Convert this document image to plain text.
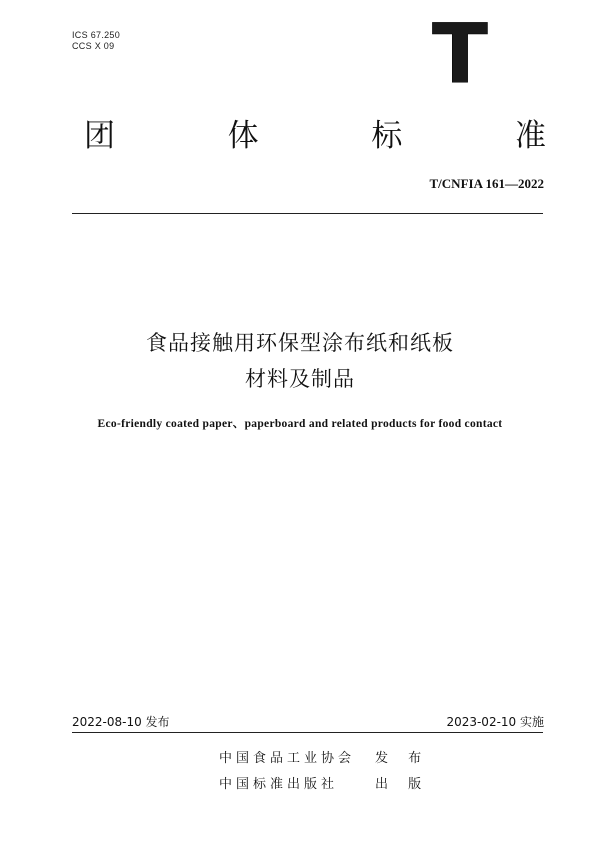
ICS 67.250
CCS X 09	T
团	体	标	准
T/CNFIA 161—2022
食品接触用环保型涂布纸和纸板
材料及制品
Eco-friendly coated paper、paperboard and related products for food contact
2022-08-10 发布	2023-02-10 实施
中国食品工业协会 发 布
中国标准出版社	出 版
